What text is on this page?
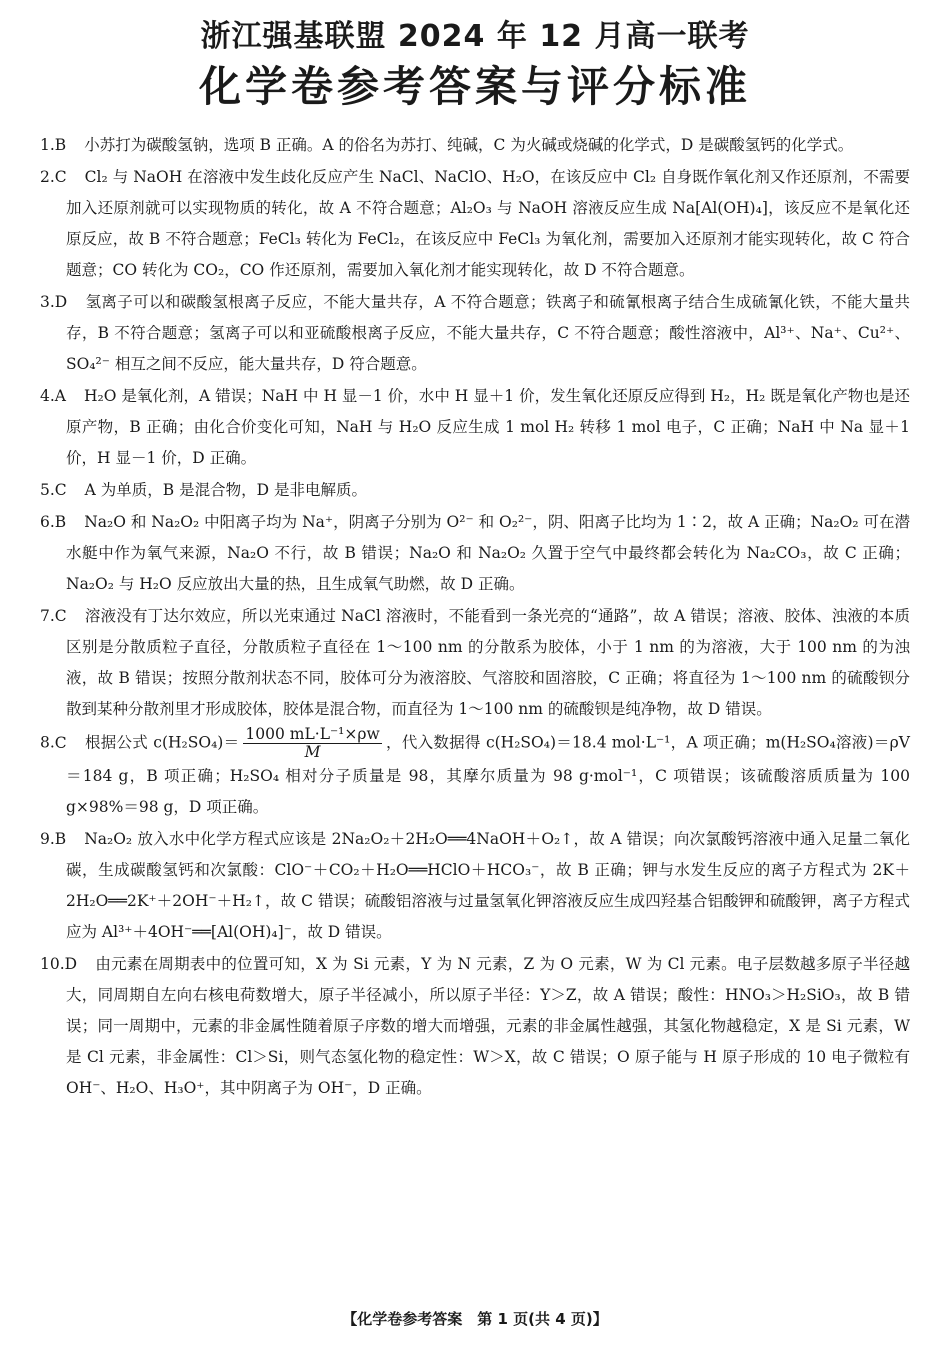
浙江强基联盟 2024 年 12 月高一联考
化学卷参考答案与评分标准

1.B 小苏打为碳酸氢钠，选项 B 正确。A 的俗名为苏打、纯碱，C 为火碱或烧碱的化学式，D 是碳酸氢钙的化学式。

2.C Cl₂ 与 NaOH 在溶液中发生歧化反应产生 NaCl、NaClO、H₂O，在该反应中 Cl₂ 自身既作氧化剂又作还原剂，不需要加入还原剂就可以实现物质的转化，故 A 不符合题意；Al₂O₃ 与 NaOH 溶液反应生成 Na[Al(OH)₄]，该反应不是氧化还原反应，故 B 不符合题意；FeCl₃ 转化为 FeCl₂，在该反应中 FeCl₃ 为氧化剂，需要加入还原剂才能实现转化，故 C 符合题意；CO 转化为 CO₂，CO 作还原剂，需要加入氧化剂才能实现转化，故 D 不符合题意。

3.D 氢离子可以和碳酸氢根离子反应，不能大量共存，A 不符合题意；铁离子和硫氰根离子结合生成硫氰化铁，不能大量共存，B 不符合题意；氢离子可以和亚硫酸根离子反应，不能大量共存，C 不符合题意；酸性溶液中，Al³⁺、Na⁺、Cu²⁺、SO₄²⁻ 相互之间不反应，能大量共存，D 符合题意。

4.A H₂O 是氧化剂，A 错误；NaH 中 H 显－1 价，水中 H 显＋1 价，发生氧化还原反应得到 H₂，H₂ 既是氧化产物也是还原产物，B 正确；由化合价变化可知，NaH 与 H₂O 反应生成 1 mol H₂ 转移 1 mol 电子，C 正确；NaH 中 Na 显＋1 价，H 显－1 价，D 正确。

5.C A 为单质，B 是混合物，D 是非电解质。

6.B Na₂O 和 Na₂O₂ 中阳离子均为 Na⁺，阴离子分别为 O²⁻ 和 O₂²⁻，阴、阳离子比均为 1∶2，故 A 正确；Na₂O₂ 可在潜水艇中作为氧气来源，Na₂O 不行，故 B 错误；Na₂O 和 Na₂O₂ 久置于空气中最终都会转化为 Na₂CO₃，故 C 正确；Na₂O₂ 与 H₂O 反应放出大量的热，且生成氧气助燃，故 D 正确。

7.C 溶液没有丁达尔效应，所以光束通过 NaCl 溶液时，不能看到一条光亮的“通路”，故 A 错误；溶液、胶体、浊液的本质区别是分散质粒子直径，分散质粒子直径在 1～100 nm 的分散系为胶体，小于 1 nm 的为溶液，大于 100 nm 的为浊液，故 B 错误；按照分散剂状态不同，胶体可分为液溶胶、气溶胶和固溶胶，C 正确；将直径为 1～100 nm 的硫酸钡分散到某种分散剂里才形成胶体，胶体是混合物，而直径为 1～100 nm 的硫酸钡是纯净物，故 D 错误。

8.C 根据公式 $c(H_2SO_4)= \frac{\text{1000 mL·L⁻¹×ρw}}{M}$ ，代入数据得 c(H₂SO₄)＝18.4 mol·L⁻¹，A 项正确；m(H₂SO₄溶液)＝ρV＝184 g，B 项正确；H₂SO₄ 相对分子质量是 98，其摩尔质量为 98 g·mol⁻¹，C 项错误；该硫酸溶质质量为 100 g×98%＝98 g，D 项正确。

9.B Na₂O₂ 放入水中化学方程式应该是 2Na₂O₂＋2H₂O══4NaOH＋O₂↑，故 A 错误；向次氯酸钙溶液中通入足量二氧化碳，生成碳酸氢钙和次氯酸：ClO⁻＋CO₂＋H₂O══HClO＋HCO₃⁻，故 B 正确；钾与水发生反应的离子方程式为 2K＋2H₂O══2K⁺＋2OH⁻＋H₂↑，故 C 错误；硫酸铝溶液与过量氢氧化钾溶液反应生成四羟基合铝酸钾和硫酸钾，离子方程式应为 Al³⁺＋4OH⁻══[Al(OH)₄]⁻，故 D 错误。

10.D 由元素在周期表中的位置可知，X 为 Si 元素，Y 为 N 元素，Z 为 O 元素，W 为 Cl 元素。电子层数越多原子半径越大，同周期自左向右核电荷数增大，原子半径减小，所以原子半径：Y＞Z，故 A 错误；酸性：HNO₃＞H₂SiO₃，故 B 错误；同一周期中，元素的非金属性随着原子序数的增大而增强，元素的非金属性越强，其氢化物越稳定，X 是 Si 元素，W 是 Cl 元素，非金属性：Cl＞Si，则气态氢化物的稳定性：W＞X，故 C 错误；O 原子能与 H 原子形成的 10 电子微粒有 OH⁻、H₂O、H₃O⁺，其中阴离子为 OH⁻，D 正确。

【化学卷参考答案　第 1 页(共 4 页)】
